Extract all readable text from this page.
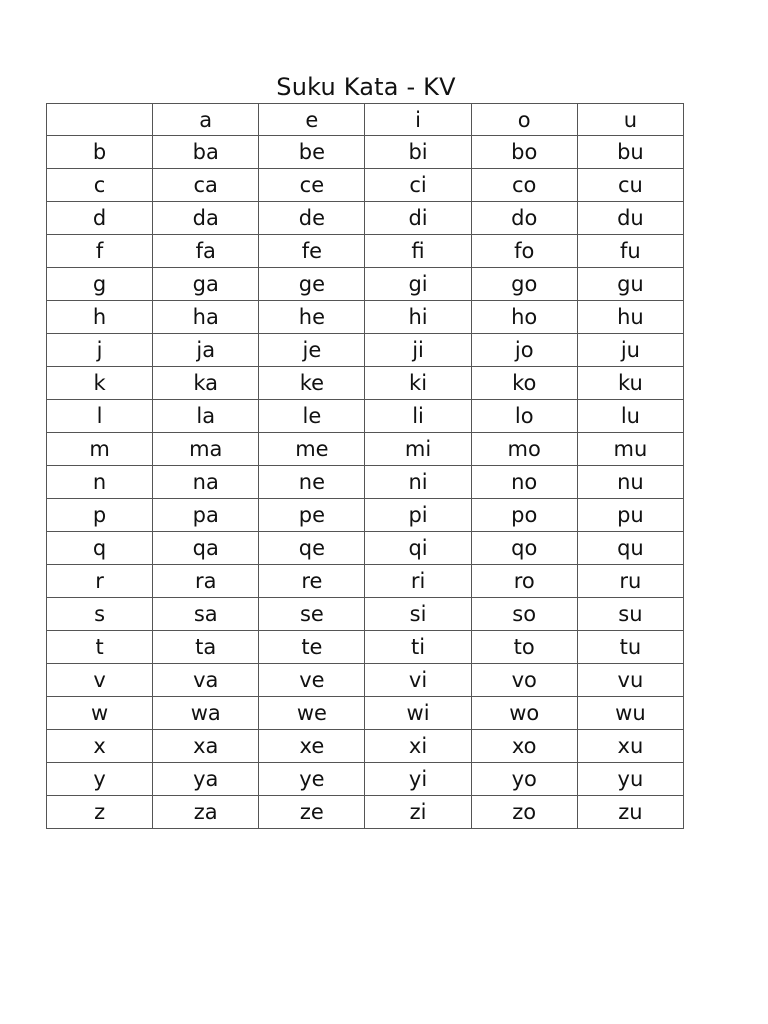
Suku Kata - KV
	a	e	i	o	u
b	ba	be	bi	bo	bu
c	ca	ce	ci	co	cu
d	da	de	di	do	du
f	fa	fe	fi	fo	fu
g	ga	ge	gi	go	gu
h	ha	he	hi	ho	hu
j	ja	je	ji	jo	ju
k	ka	ke	ki	ko	ku
l	la	le	li	lo	lu
m	ma	me	mi	mo	mu
n	na	ne	ni	no	nu
p	pa	pe	pi	po	pu
q	qa	qe	qi	qo	qu
r	ra	re	ri	ro	ru
s	sa	se	si	so	su
t	ta	te	ti	to	tu
v	va	ve	vi	vo	vu
w	wa	we	wi	wo	wu
x	xa	xe	xi	xo	xu
y	ya	ye	yi	yo	yu
z	za	ze	zi	zo	zu
